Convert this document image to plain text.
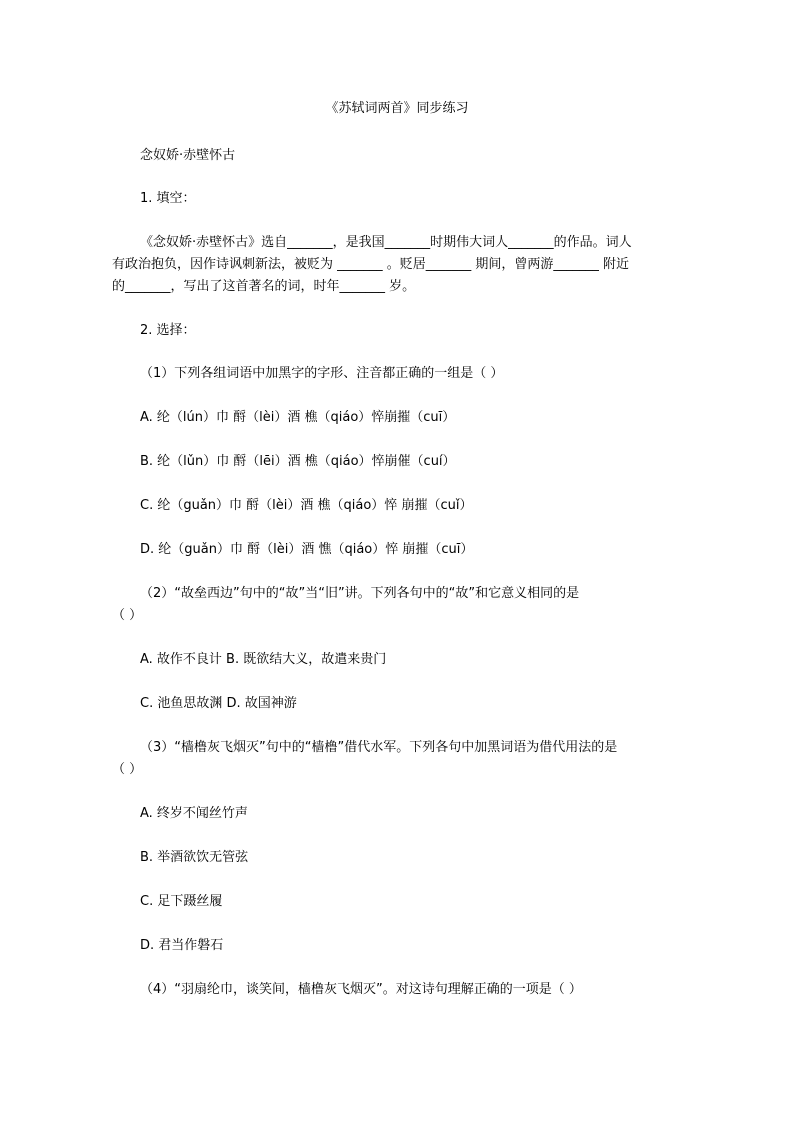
《苏轼词两首》同步练习
念奴娇·赤壁怀古
1. 填空：
《念奴娇·赤壁怀古》选自_______，是我国_______时期伟大词人_______的作品。词人
有政治抱负，因作诗讽刺新法，被贬为 _______ 。贬居_______ 期间，曾两游_______ 附近
的_______，写出了这首著名的词，时年_______ 岁。
2. 选择：
（1）下列各组词语中加黑字的字形、注音都正确的一组是（ ）
A. 纶（lún）巾 酹（lèi）酒 樵（qiáo）悴崩摧（cuī）
B. 纶（lǔn）巾 酹（lēi）酒 樵（qiáo）悴崩催（cuí）
C. 纶（guǎn）巾 酹（lèi）酒 樵（qiáo）悴 崩摧（cuǐ）
D. 纶（guǎn）巾 酹（lèi）酒 憔（qiáo）悴 崩摧（cuī）
（2）“故垒西边”句中的“故”当“旧”讲。下列各句中的“故”和它意义相同的是
（ ）
A. 故作不良计 B. 既欲结大义，故遣来贵门
C. 池鱼思故渊 D. 故国神游
（3）“樯橹灰飞烟灭”句中的“樯橹”借代水军。下列各句中加黑词语为借代用法的是
（ ）
A. 终岁不闻丝竹声
B. 举酒欲饮无管弦
C. 足下蹑丝履
D. 君当作磐石
（4）“羽扇纶巾，谈笑间，樯橹灰飞烟灭”。对这诗句理解正确的一项是（ ）
